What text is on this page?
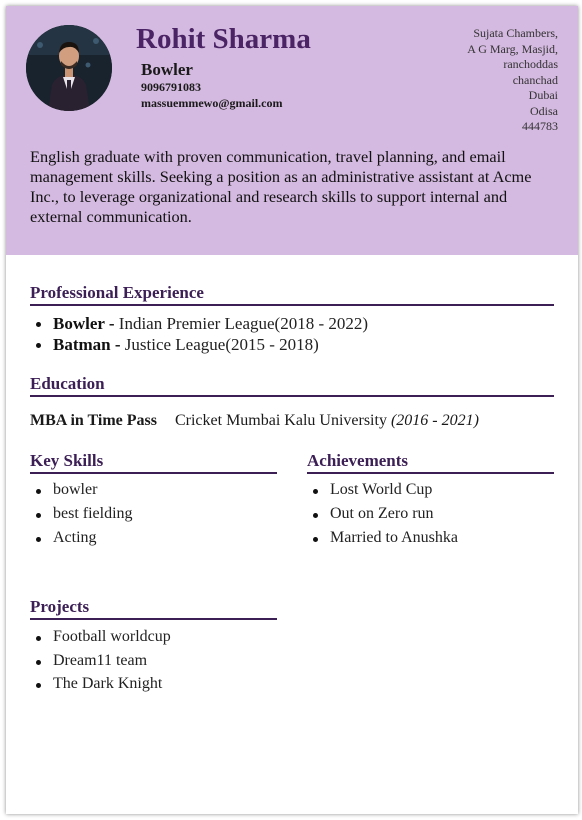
Rohit Sharma
Bowler
9096791083
massuemmewo@gmail.com
Sujata Chambers,
A G Marg, Masjid,
ranchoddas
chanchad
Dubai
Odisa
444783
English graduate with proven communication, travel planning, and email management skills. Seeking a position as an administrative assistant at Acme Inc., to leverage organizational and research skills to support internal and external communication.
Professional Experience
Bowler - Indian Premier League(2018 - 2022)
Batman - Justice League(2015 - 2018)
Education
MBA in Time Pass Cricket Mumbai Kalu University (2016 - 2021)
Key Skills
bowler
best fielding
Acting
Achievements
Lost World Cup
Out on Zero run
Married to Anushka
Projects
Football worldcup
Dream11 team
The Dark Knight
